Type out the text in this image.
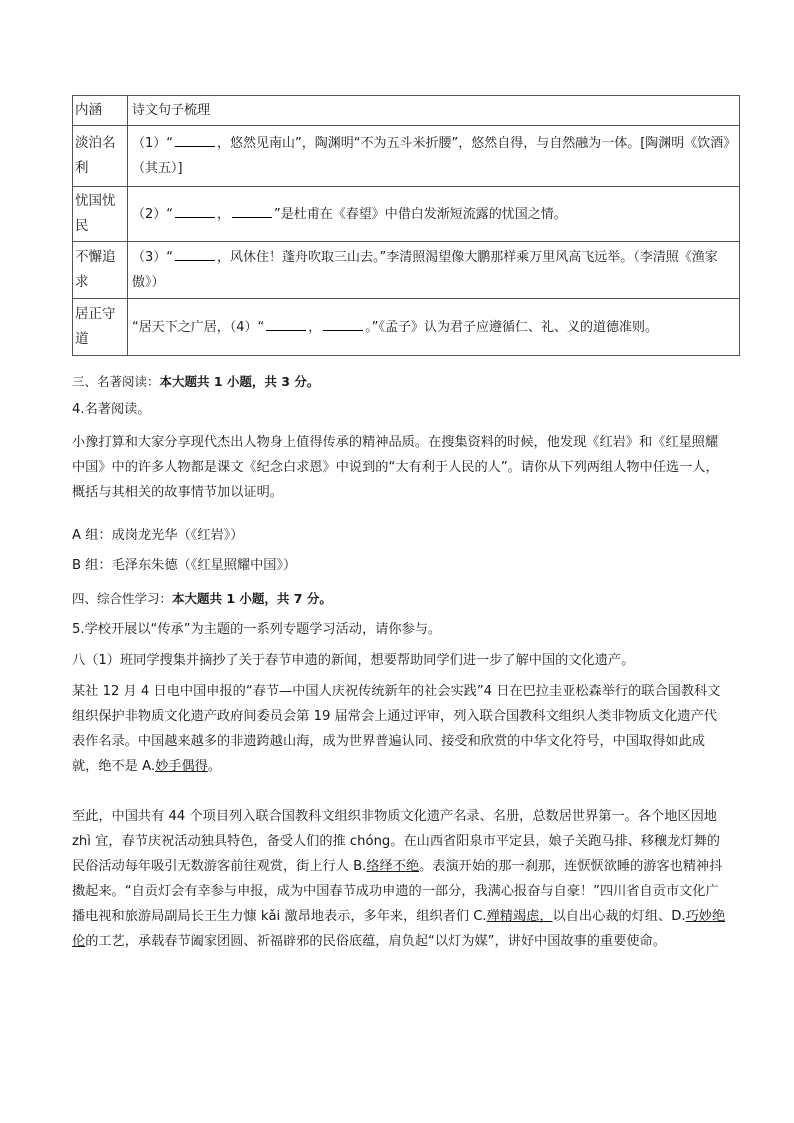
内涵	诗文句子梳理
淡泊名利	（1）“ ，悠然见南山”，陶渊明“不为五斗米折腰”，悠然自得，与自然融为一体。[陶渊明《饮酒》（其五）]
忧国忧民	（2）“ ， ”是杜甫在《春望》中借白发渐短流露的忧国之情。
不懈追求	（3）“ ，风休住！蓬舟吹取三山去。”李清照渴望像大鹏那样乘万里风高飞远举。（李清照《渔家傲》）
居正守道	“居天下之广居，（4）“ ， 。”《孟子》认为君子应遵循仁、礼、义的道德准则。

三、名著阅读：本大题共 1 小题，共 3 分。

4.名著阅读。

小豫打算和大家分享现代杰出人物身上值得传承的精神品质。在搜集资料的时候，他发现《红岩》和《红星照耀中国》中的许多人物都是课文《纪念白求恩》中说到的“大有利于人民的人”。请你从下列两组人物中任选一人，概括与其相关的故事情节加以证明。

A 组：成岗龙光华（《红岩》）

B 组：毛泽东朱德（《红星照耀中国》）

四、综合性学习：本大题共 1 小题，共 7 分。

5.学校开展以“传承”为主题的一系列专题学习活动，请你参与。

八（1）班同学搜集并摘抄了关于春节申遗的新闻，想要帮助同学们进一步了解中国的文化遗产。

某社 12 月 4 日电中国申报的“春节—中国人庆祝传统新年的社会实践”4 日在巴拉圭亚松森举行的联合国教科文组织保护非物质文化遗产政府间委员会第 19 届常会上通过评审，列入联合国教科文组织人类非物质文化遗产代表作名录。中国越来越多的非遗跨越山海，成为世界普遍认同、接受和欣赏的中华文化符号，中国取得如此成就，绝不是 A.妙手偶得。

至此，中国共有 44 个项目列入联合国教科文组织非物质文化遗产名录、名册，总数居世界第一。各个地区因地 zhì 宜，春节庆祝活动独具特色，备受人们的推 chóng。在山西省阳泉市平定县，娘子关跑马排、移穰龙灯舞的民俗活动每年吸引无数游客前往观赏，街上行人 B.络绎不绝。表演开始的那一刹那，连恹恹欲睡的游客也精神抖擞起来。“自贡灯会有幸参与申报，成为中国春节成功申遗的一部分，我满心报奋与自豪！”四川省自贡市文化广播电视和旅游局副局长王生力慷 kǎi 激昂地表示，多年来，组织者们 C.殚精竭虑，以自出心裁的灯组、D.巧妙绝伦的工艺，承载春节阖家团圆、祈福辟邪的民俗底蕴，肩负起“以灯为媒”，讲好中国故事的重要使命。
